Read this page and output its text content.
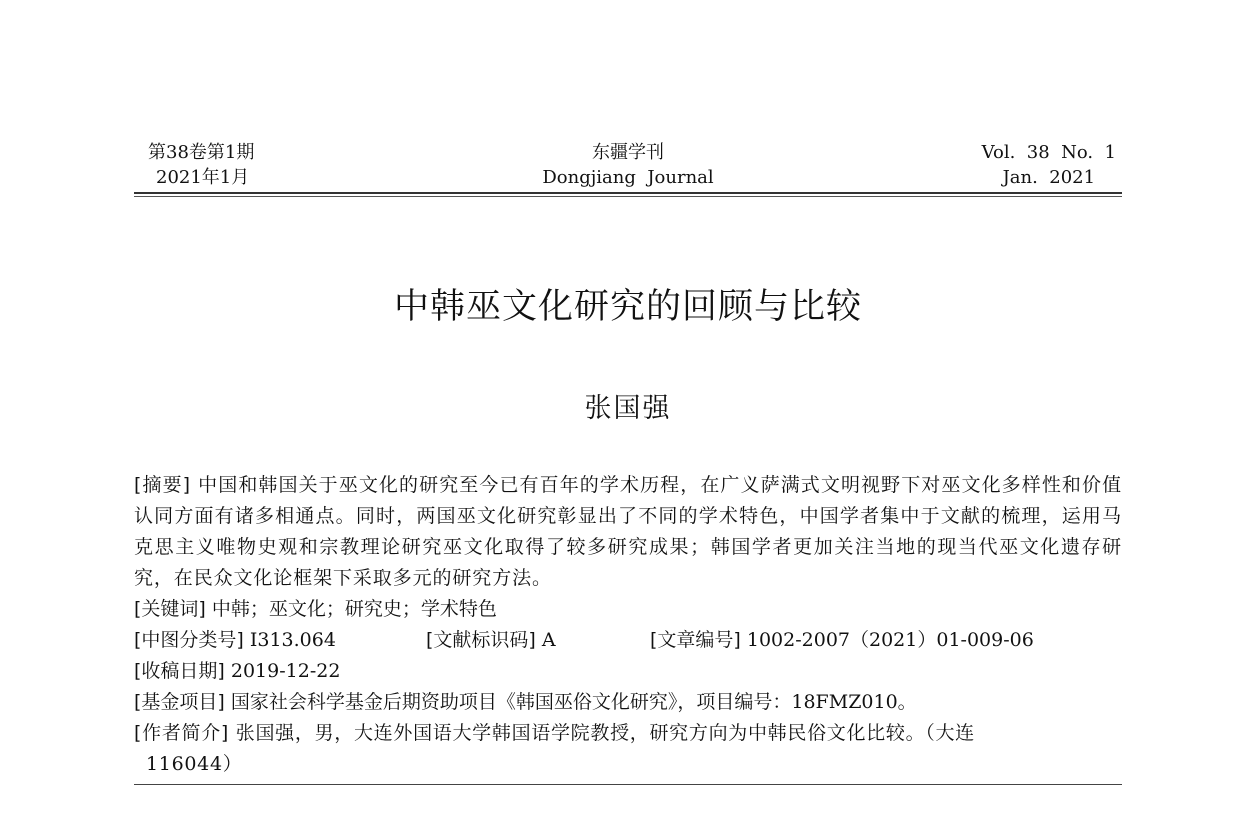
第38卷第1期
2021年1月
东疆学刊
Dongjiang  Journal
Vol.  38  No.  1
Jan.  2021
中韩巫文化研究的回顾与比较
张国强
[摘要] 中国和韩国关于巫文化的研究至今已有百年的学术历程，在广义萨满式文明视野下对巫文化多样性和价值认同方面有诸多相通点。同时，两国巫文化研究彰显出了不同的学术特色，中国学者集中于文献的梳理，运用马克思主义唯物史观和宗教理论研究巫文化取得了较多研究成果；韩国学者更加关注当地的现当代巫文化遗存研究，在民众文化论框架下采取多元的研究方法。
[关键词] 中韩；巫文化；研究史；学术特色
[中图分类号] I313.064	[文献标识码] A	[文章编号] 1002-2007（2021）01-009-06
[收稿日期] 2019-12-22
[基金项目] 国家社会科学基金后期资助项目《韩国巫俗文化研究》，项目编号：18FMZ010。
[作者简介] 张国强，男，大连外国语大学韩国语学院教授，研究方向为中韩民俗文化比较。（大连
116044）
